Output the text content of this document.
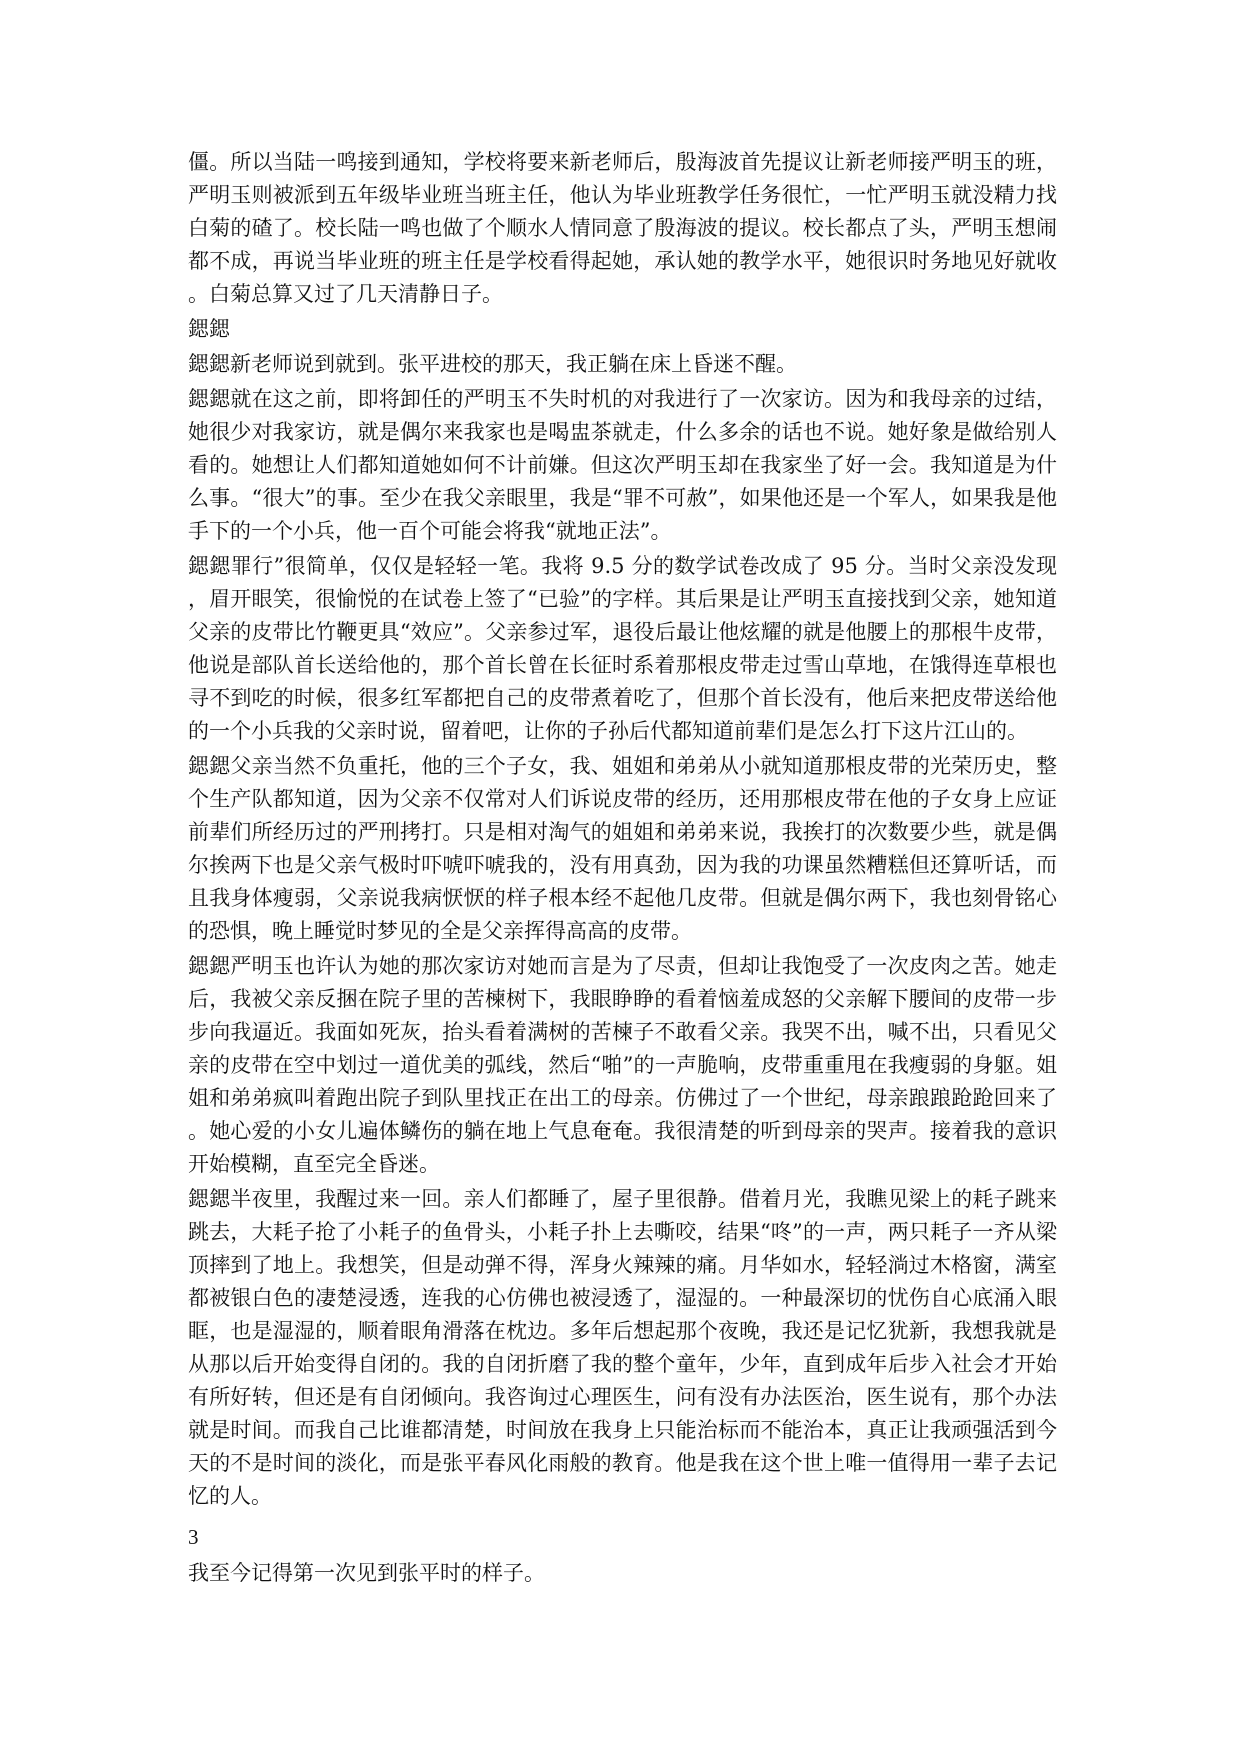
僵。所以当陆一鸣接到通知，学校将要来新老师后，殷海波首先提议让新老师接严明玉的班，严明玉则被派到五年级毕业班当班主任，他认为毕业班教学任务很忙，一忙严明玉就没精力找白菊的碴了。校长陆一鸣也做了个顺水人情同意了殷海波的提议。校长都点了头，严明玉想闹都不成，再说当毕业班的班主任是学校看得起她，承认她的教学水平，她很识时务地见好就收。白菊总算又过了几天清静日子。

鍶鍶

鍶鍶新老师说到就到。张平进校的那天，我正躺在床上昏迷不醒。

鍶鍶就在这之前，即将卸任的严明玉不失时机的对我进行了一次家访。因为和我母亲的过结，她很少对我家访，就是偶尔来我家也是喝盅茶就走，什么多余的话也不说。她好象是做给别人看的。她想让人们都知道她如何不计前嫌。但这次严明玉却在我家坐了好一会。我知道是为什么事。“很大”的事。至少在我父亲眼里，我是“罪不可赦”，如果他还是一个军人，如果我是他手下的一个小兵，他一百个可能会将我“就地正法”。

鍶鍶罪行”很简单，仅仅是轻轻一笔。我将 9.5 分的数学试卷改成了 95 分。当时父亲没发现，眉开眼笑，很愉悦的在试卷上签了“已验”的字样。其后果是让严明玉直接找到父亲，她知道父亲的皮带比竹鞭更具“效应”。父亲参过军，退役后最让他炫耀的就是他腰上的那根牛皮带，他说是部队首长送给他的，那个首长曾在长征时系着那根皮带走过雪山草地，在饿得连草根也寻不到吃的时候，很多红军都把自己的皮带煮着吃了，但那个首长没有，他后来把皮带送给他的一个小兵我的父亲时说，留着吧，让你的子孙后代都知道前辈们是怎么打下这片江山的。

鍶鍶父亲当然不负重托，他的三个子女，我、姐姐和弟弟从小就知道那根皮带的光荣历史，整个生产队都知道，因为父亲不仅常对人们诉说皮带的经历，还用那根皮带在他的子女身上应证前辈们所经历过的严刑拷打。只是相对淘气的姐姐和弟弟来说，我挨打的次数要少些，就是偶尔挨两下也是父亲气极时吓唬吓唬我的，没有用真劲，因为我的功课虽然糟糕但还算听话，而且我身体瘦弱，父亲说我病恹恹的样子根本经不起他几皮带。但就是偶尔两下，我也刻骨铭心的恐惧，晚上睡觉时梦见的全是父亲挥得高高的皮带。

鍶鍶严明玉也许认为她的那次家访对她而言是为了尽责，但却让我饱受了一次皮肉之苦。她走后，我被父亲反捆在院子里的苦楝树下，我眼睁睁的看着恼羞成怒的父亲解下腰间的皮带一步步向我逼近。我面如死灰，抬头看着满树的苦楝子不敢看父亲。我哭不出，喊不出，只看见父亲的皮带在空中划过一道优美的弧线，然后“啪”的一声脆响，皮带重重甩在我瘦弱的身躯。姐姐和弟弟疯叫着跑出院子到队里找正在出工的母亲。仿佛过了一个世纪，母亲踉踉跄跄回来了。她心爱的小女儿遍体鳞伤的躺在地上气息奄奄。我很清楚的听到母亲的哭声。接着我的意识开始模糊，直至完全昏迷。

鍶鍶半夜里，我醒过来一回。亲人们都睡了，屋子里很静。借着月光，我瞧见梁上的耗子跳来跳去，大耗子抢了小耗子的鱼骨头，小耗子扑上去嘶咬，结果“咚”的一声，两只耗子一齐从梁顶摔到了地上。我想笑，但是动弹不得，浑身火辣辣的痛。月华如水，轻轻淌过木格窗，满室都被银白色的凄楚浸透，连我的心仿佛也被浸透了，湿湿的。一种最深切的忧伤自心底涌入眼眶，也是湿湿的，顺着眼角滑落在枕边。多年后想起那个夜晚，我还是记忆犹新，我想我就是从那以后开始变得自闭的。我的自闭折磨了我的整个童年，少年，直到成年后步入社会才开始有所好转，但还是有自闭倾向。我咨询过心理医生，问有没有办法医治，医生说有，那个办法就是时间。而我自己比谁都清楚，时间放在我身上只能治标而不能治本，真正让我顽强活到今天的不是时间的淡化，而是张平春风化雨般的教育。他是我在这个世上唯一值得用一辈子去记忆的人。

3

我至今记得第一次见到张平时的样子。
